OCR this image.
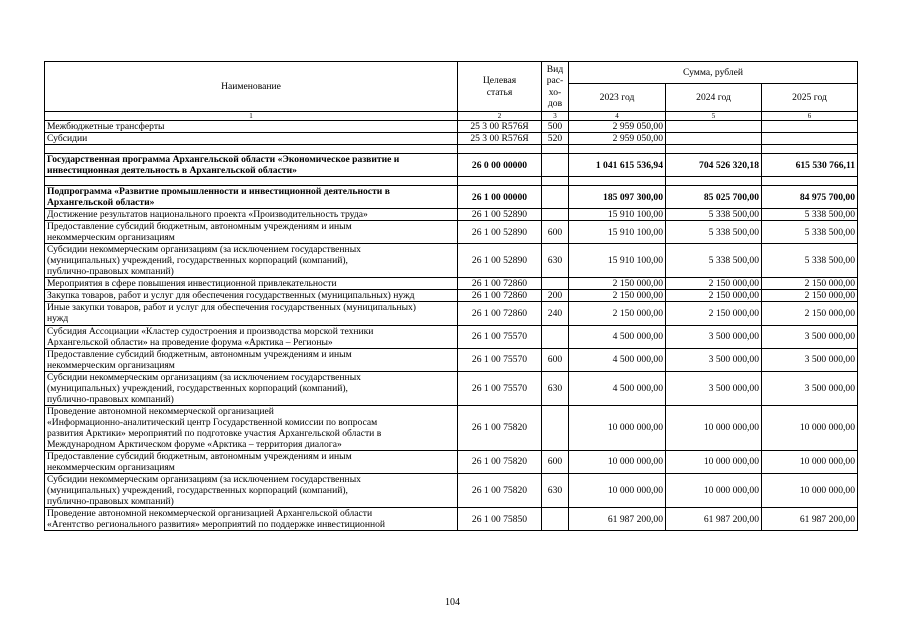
Наименование	Целевая статья	Вид рас-
хо-
дов	Сумма, рублей		
			2023 год	2024 год	2025 год
1	2	3	4	5	6
Межбюджетные трансферты	25 3 00 R576Я	500	2 959 050,00		
Субсидии	25 3 00 R576Я	520	2 959 050,00		

Государственная программа Архангельской области «Экономическое развитие и
инвестиционная деятельность в Архангельской области»	26 0 00 00000		1 041 615 536,94	704 526 320,18	615 530 766,11

Подпрограмма «Развитие промышленности и инвестиционной деятельности в
Архангельской области»	26 1 00 00000		185 097 300,00	85 025 700,00	84 975 700,00
Достижение результатов национального проекта «Производительность труда»	26 1 00 52890		15 910 100,00	5 338 500,00	5 338 500,00
Предоставление субсидий бюджетным, автономным учреждениям и иным
некоммерческим организациям	26 1 00 52890	600	15 910 100,00	5 338 500,00	5 338 500,00
Субсидии некоммерческим организациям (за исключением государственных
(муниципальных) учреждений, государственных корпораций (компаний),
публично-правовых компаний)	26 1 00 52890	630	15 910 100,00	5 338 500,00	5 338 500,00
Мероприятия в сфере повышения инвестиционной привлекательности	26 1 00 72860		2 150 000,00	2 150 000,00	2 150 000,00
Закупка товаров, работ и услуг для обеспечения государственных (муниципальных) нужд	26 1 00 72860	200	2 150 000,00	2 150 000,00	2 150 000,00
Иные закупки товаров, работ и услуг для обеспечения государственных (муниципальных)
нужд	26 1 00 72860	240	2 150 000,00	2 150 000,00	2 150 000,00
Субсидия Ассоциации «Кластер судостроения и производства морской техники
Архангельской области» на проведение форума «Арктика – Регионы»	26 1 00 75570		4 500 000,00	3 500 000,00	3 500 000,00
Предоставление субсидий бюджетным, автономным учреждениям и иным
некоммерческим организациям	26 1 00 75570	600	4 500 000,00	3 500 000,00	3 500 000,00
Субсидии некоммерческим организациям (за исключением государственных
(муниципальных) учреждений, государственных корпораций (компаний),
публично-правовых компаний)	26 1 00 75570	630	4 500 000,00	3 500 000,00	3 500 000,00
Проведение автономной некоммерческой организацией
«Информационно-аналитический центр Государственной комиссии по вопросам
развития Арктики» мероприятий по подготовке участия Архангельской области в
Международном Арктическом форуме «Арктика – территория диалога»	26 1 00 75820		10 000 000,00	10 000 000,00	10 000 000,00
Предоставление субсидий бюджетным, автономным учреждениям и иным
некоммерческим организациям	26 1 00 75820	600	10 000 000,00	10 000 000,00	10 000 000,00
Субсидии некоммерческим организациям (за исключением государственных
(муниципальных) учреждений, государственных корпораций (компаний),
публично-правовых компаний)	26 1 00 75820	630	10 000 000,00	10 000 000,00	10 000 000,00
Проведение автономной некоммерческой организацией Архангельской области
«Агентство регионального развития» мероприятий по поддержке инвестиционной	26 1 00 75850		61 987 200,00	61 987 200,00	61 987 200,00
104
